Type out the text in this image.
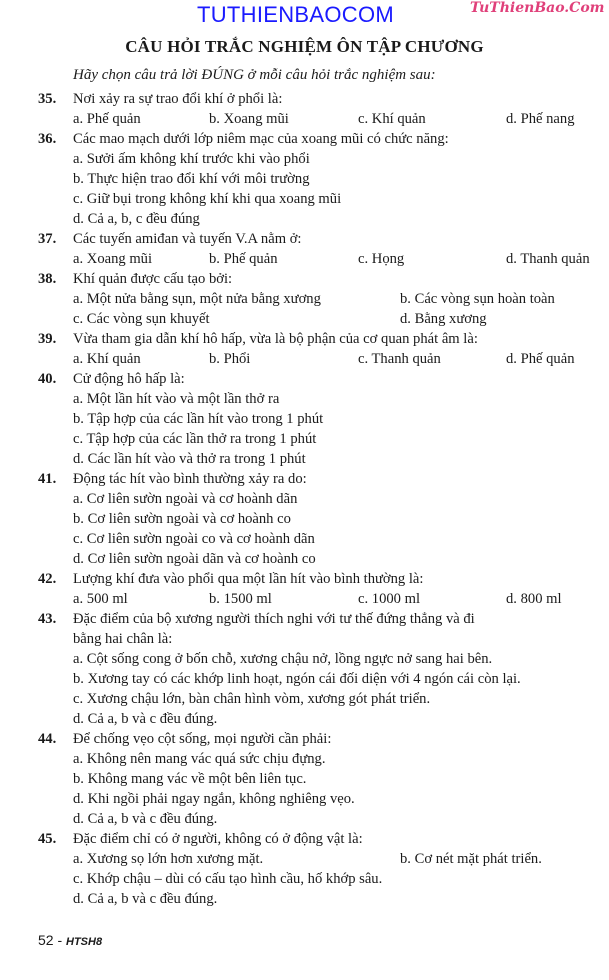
TUTHIENBAOCOM	TuThienBao.Com
CÂU HỎI TRẮC NGHIỆM ÔN TẬP CHƯƠNG
Hãy chọn câu trả lời ĐÚNG ở mỗi câu hỏi trắc nghiệm sau:
35. Nơi xảy ra sự trao đổi khí ở phổi là:
a. Phế quản	b. Xoang mũi	c. Khí quản	d. Phế nang
36. Các mao mạch dưới lớp niêm mạc của xoang mũi có chức năng:
a. Sưởi ấm không khí trước khi vào phổi
b. Thực hiện trao đổi khí với môi trường
c. Giữ bụi trong không khí khi qua xoang mũi
d. Cả a, b, c đều đúng
37. Các tuyến amiđan và tuyến V.A nằm ở:
a. Xoang mũi	b. Phế quản	c. Họng	d. Thanh quản
38. Khí quản được cấu tạo bởi:
a. Một nửa bằng sụn, một nửa bằng xương	b. Các vòng sụn hoàn toàn
c. Các vòng sụn khuyết	d. Bằng xương
39. Vừa tham gia dẫn khí hô hấp, vừa là bộ phận của cơ quan phát âm là:
a. Khí quản	b. Phổi	c. Thanh quản	d. Phế quản
40. Cử động hô hấp là:
a. Một lần hít vào và một lần thở ra
b. Tập hợp của các lần hít vào trong 1 phút
c. Tập hợp của các lần thở ra trong 1 phút
d. Các lần hít vào và thở ra trong 1 phút
41. Động tác hít vào bình thường xảy ra do:
a. Cơ liên sườn ngoài và cơ hoành dãn
b. Cơ liên sườn ngoài và cơ hoành co
c. Cơ liên sườn ngoài co và cơ hoành dãn
d. Cơ liên sườn ngoài dãn và cơ hoành co
42. Lượng khí đưa vào phổi qua một lần hít vào bình thường là:
a. 500 ml	b. 1500 ml	c. 1000 ml	d. 800 ml
43. Đặc điểm của bộ xương người thích nghi với tư thế đứng thẳng và đi
bằng hai chân là:
a. Cột sống cong ở bốn chỗ, xương chậu nở, lồng ngực nở sang hai bên.
b. Xương tay có các khớp linh hoạt, ngón cái đối diện với 4 ngón cái còn lại.
c. Xương chậu lớn, bàn chân hình vòm, xương gót phát triển.
d. Cả a, b và c đều đúng.
44. Để chống vẹo cột sống, mọi người cần phải:
a. Không nên mang vác quá sức chịu đựng.
b. Không mang vác về một bên liên tục.
d. Khi ngồi phải ngay ngắn, không nghiêng vẹo.
d. Cả a, b và c đều đúng.
45. Đặc điểm chỉ có ở người, không có ở động vật là:
a. Xương sọ lớn hơn xương mặt.	b. Cơ nét mặt phát triển.
c. Khớp chậu – dùi có cấu tạo hình cầu, hố khớp sâu.
d. Cả a, b và c đều đúng.
52 - HTSH8
